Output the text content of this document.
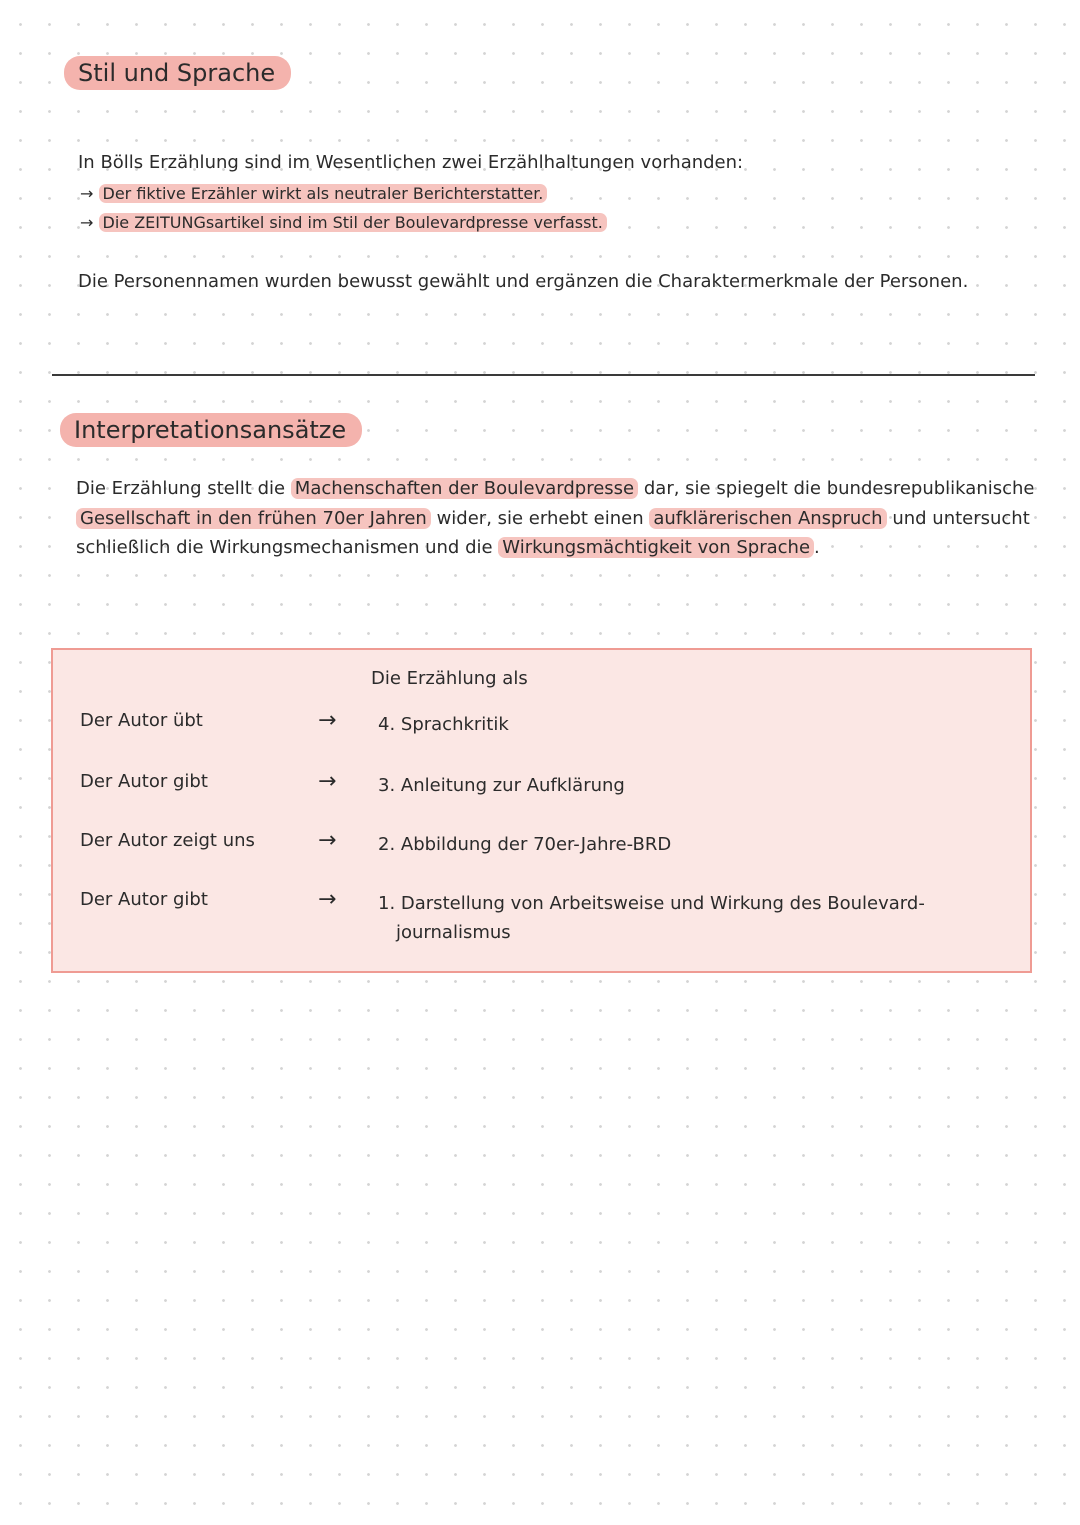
Stil und Sprache
In Bölls Erzählung sind im Wesentlichen zwei Erzählhaltungen vorhanden:
→ Der fiktive Erzähler wirkt als neutraler Berichterstatter.
→ Die ZEITUNGsartikel sind im Stil der Boulevardpresse verfasst.
Die Personennamen wurden bewusst gewählt und ergänzen die Charaktermerkmale der Personen.
Interpretationsansätze
Die Erzählung stellt die Machenschaften der Boulevardpresse dar, sie spiegelt die bundesrepublikanische Gesellschaft in den frühen 70er Jahren wider, sie erhebt einen aufklärerischen Anspruch und untersucht schließlich die Wirkungsmechanismen und die Wirkungsmächtigkeit von Sprache .
Die Erzählung als
Der Autor übt	→ 4. Sprachkritik
Der Autor gibt	→ 3. Anleitung zur Aufklärung
Der Autor zeigt uns	→ 2. Abbildung der 70er-Jahre-BRD
Der Autor gibt	→ 1. Darstellung von Arbeitsweise und Wirkung des Boulevard-
journalismus
